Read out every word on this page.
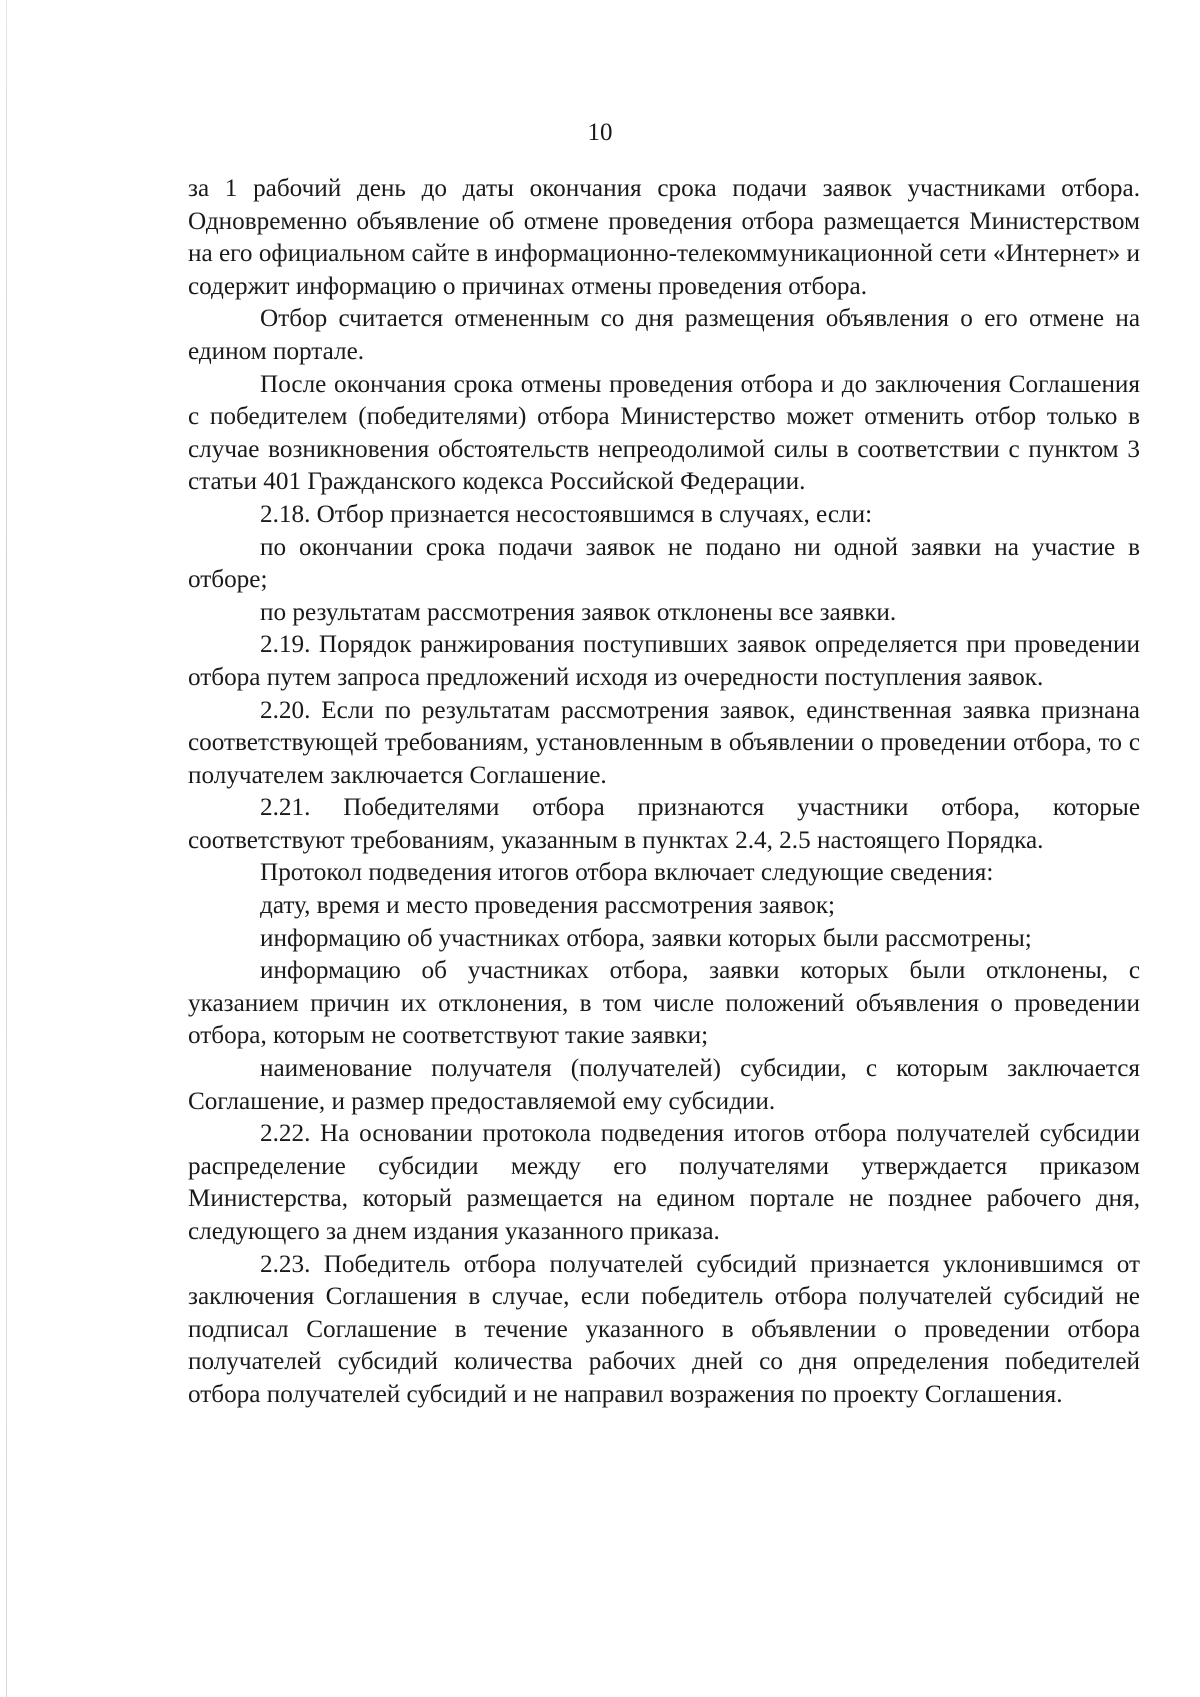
10

за 1 рабочий день до даты окончания срока подачи заявок участниками отбора. Одновременно объявление об отмене проведения отбора размещается Министерством на его официальном сайте в информационно-телекоммуникационной сети «Интернет» и содержит информацию о причинах отмены проведения отбора.

Отбор считается отмененным со дня размещения объявления о его отмене на едином портале.

После окончания срока отмены проведения отбора и до заключения Соглашения с победителем (победителями) отбора Министерство может отменить отбор только в случае возникновения обстоятельств непреодолимой силы в соответствии с пунктом 3 статьи 401 Гражданского кодекса Российской Федерации.

2.18. Отбор признается несостоявшимся в случаях, если:

по окончании срока подачи заявок не подано ни одной заявки на участие в отборе;

по результатам рассмотрения заявок отклонены все заявки.

2.19. Порядок ранжирования поступивших заявок определяется при проведении отбора путем запроса предложений исходя из очередности поступления заявок.

2.20. Если по результатам рассмотрения заявок, единственная заявка признана соответствующей требованиям, установленным в объявлении о проведении отбора, то с получателем заключается Соглашение.

2.21. Победителями отбора признаются участники отбора, которые соответствуют требованиям, указанным в пунктах 2.4, 2.5 настоящего Порядка.

Протокол подведения итогов отбора включает следующие сведения:

дату, время и место проведения рассмотрения заявок;

информацию об участниках отбора, заявки которых были рассмотрены;

информацию об участниках отбора, заявки которых были отклонены, с указанием причин их отклонения, в том числе положений объявления о проведении отбора, которым не соответствуют такие заявки;

наименование получателя (получателей) субсидии, с которым заключается Соглашение, и размер предоставляемой ему субсидии.

2.22. На основании протокола подведения итогов отбора получателей субсидии распределение субсидии между его получателями утверждается приказом Министерства, который размещается на едином портале не позднее рабочего дня, следующего за днем издания указанного приказа.

2.23. Победитель отбора получателей субсидий признается уклонившимся от заключения Соглашения в случае, если победитель отбора получателей субсидий не подписал Соглашение в течение указанного в объявлении о проведении отбора получателей субсидий количества рабочих дней со дня определения победителей отбора получателей субсидий и не направил возражения по проекту Соглашения.
